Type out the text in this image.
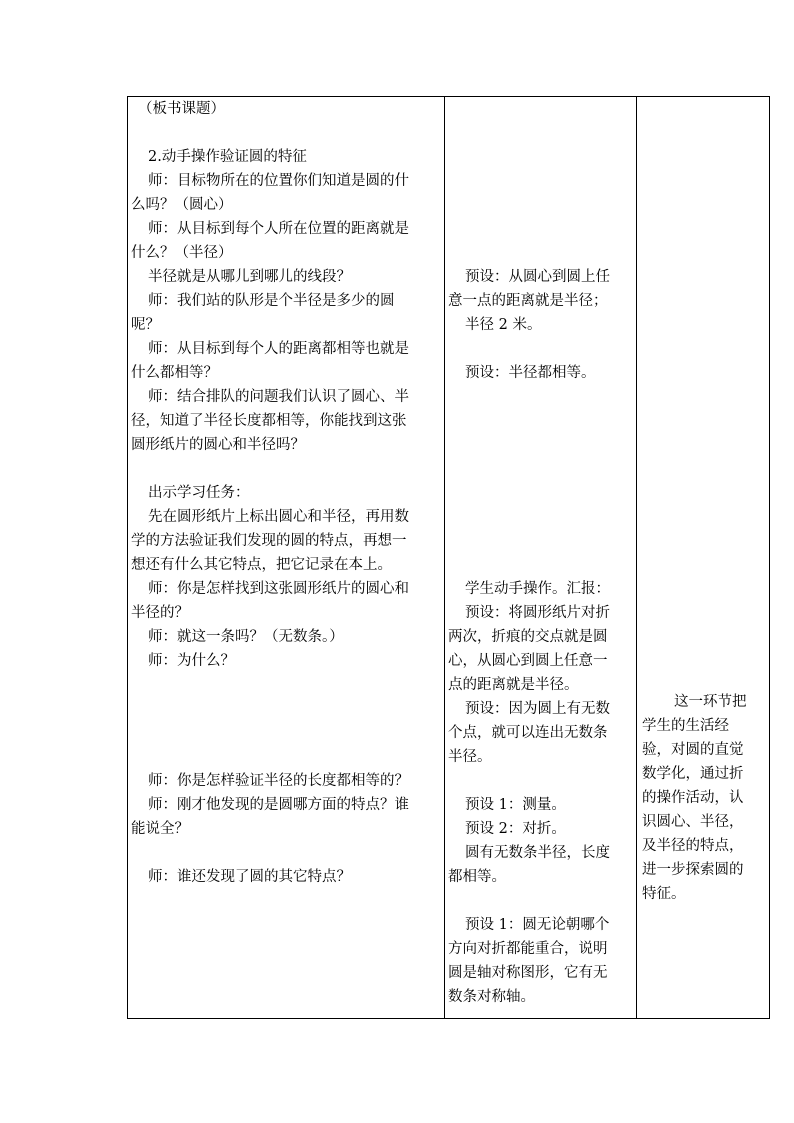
（板书课题）
2.动手操作验证圆的特征
师：目标物所在的位置你们知道是圆的什
么吗？（圆心）
师：从目标到每个人所在位置的距离就是
什么？（半径）
半径就是从哪儿到哪儿的线段？
师：我们站的队形是个半径是多少的圆
呢？
师：从目标到每个人的距离都相等也就是
什么都相等？
师：结合排队的问题我们认识了圆心、半
径，知道了半径长度都相等，你能找到这张
圆形纸片的圆心和半径吗？
出示学习任务：
先在圆形纸片上标出圆心和半径，再用数
学的方法验证我们发现的圆的特点，再想一
想还有什么其它特点，把它记录在本上。
师：你是怎样找到这张圆形纸片的圆心和
半径的？
师：就这一条吗？（无数条。）
师：为什么？
师：你是怎样验证半径的长度都相等的？
师：刚才他发现的是圆哪方面的特点？谁
能说全？
师：谁还发现了圆的其它特点？
预设：从圆心到圆上任
意一点的距离就是半径；
半径 2 米。
预设：半径都相等。
学生动手操作。汇报：
预设：将圆形纸片对折
两次，折痕的交点就是圆
心，从圆心到圆上任意一
点的距离就是半径。
预设：因为圆上有无数
个点，就可以连出无数条
半径。
预设 1：测量。
预设 2：对折。
圆有无数条半径，长度
都相等。
预设 1：圆无论朝哪个
方向对折都能重合，说明
圆是轴对称图形，它有无
数条对称轴。
这一环节把
学生的生活经
验，对圆的直觉
数学化，通过折
的操作活动，认
识圆心、半径，
及半径的特点，
进一步探索圆的
特征。
